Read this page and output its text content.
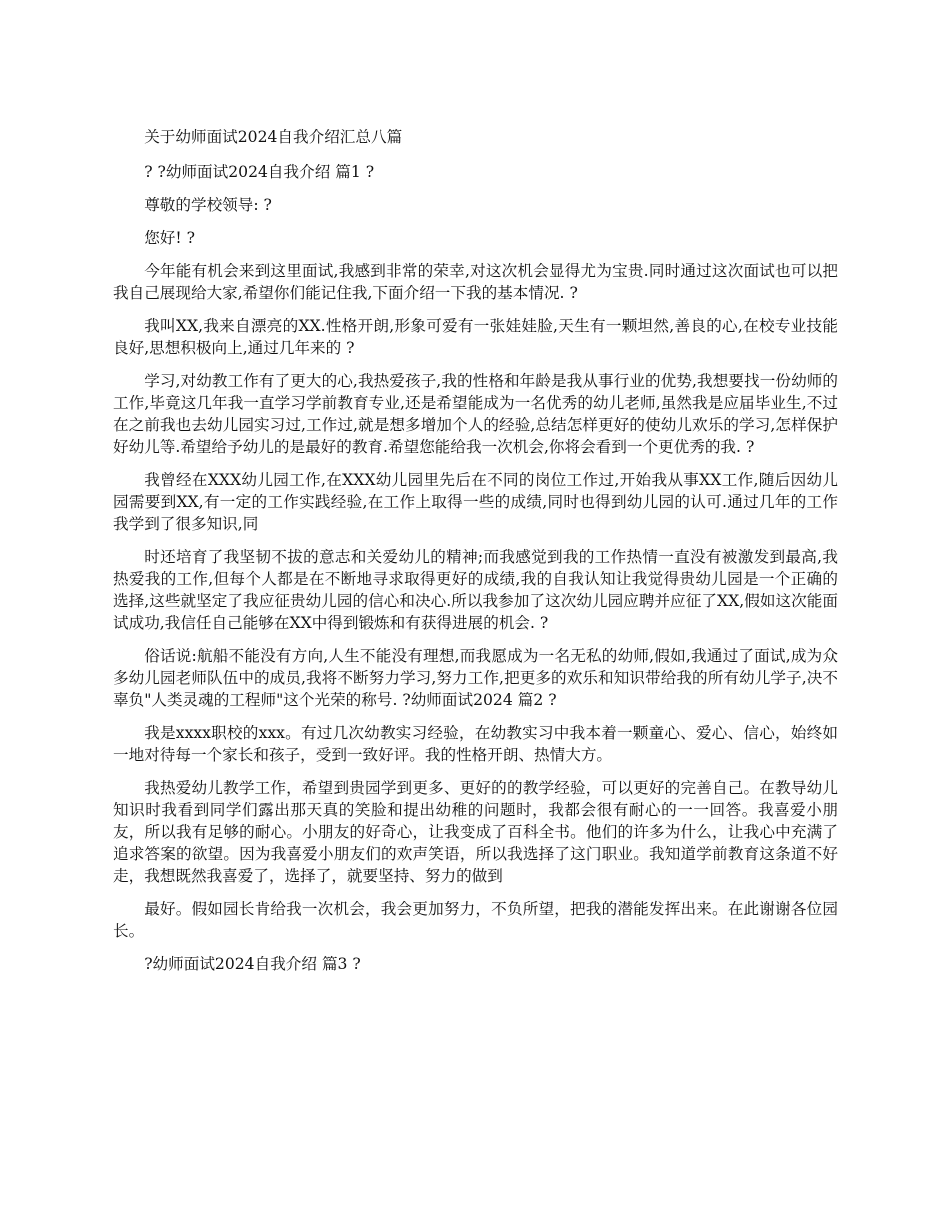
关于幼师面试2024自我介绍汇总八篇

? ?幼师面试2024自我介绍 篇1 ?

尊敬的学校领导: ?

您好! ?

今年能有机会来到这里面试,我感到非常的荣幸,对这次机会显得尤为宝贵.同时通过这次面试也可以把我自己展现给大家,希望你们能记住我,下面介绍一下我的基本情况. ?

我叫XX,我来自漂亮的XX.性格开朗,形象可爱有一张娃娃脸,天生有一颗坦然,善良的心,在校专业技能良好,思想积极向上,通过几年来的 ?

学习,对幼教工作有了更大的心,我热爱孩子,我的性格和年龄是我从事行业的优势,我想要找一份幼师的工作,毕竟这几年我一直学习学前教育专业,还是希望能成为一名优秀的幼儿老师,虽然我是应届毕业生,不过在之前我也去幼儿园实习过,工作过,就是想多增加个人的经验,总结怎样更好的使幼儿欢乐的学习,怎样保护好幼儿等.希望给予幼儿的是最好的教育.希望您能给我一次机会,你将会看到一个更优秀的我. ?

我曾经在XXX幼儿园工作,在XXX幼儿园里先后在不同的岗位工作过,开始我从事XX工作,随后因幼儿园需要到XX,有一定的工作实践经验,在工作上取得一些的成绩,同时也得到幼儿园的认可.通过几年的工作我学到了很多知识,同

时还培育了我坚韧不拔的意志和关爱幼儿的精神;而我感觉到我的工作热情一直没有被激发到最高,我热爱我的工作,但每个人都是在不断地寻求取得更好的成绩,我的自我认知让我觉得贵幼儿园是一个正确的选择,这些就坚定了我应征贵幼儿园的信心和决心.所以我参加了这次幼儿园应聘并应征了XX,假如这次能面试成功,我信任自己能够在XX中得到锻炼和有获得进展的机会. ?

俗话说:航船不能没有方向,人生不能没有理想,而我愿成为一名无私的幼师,假如,我通过了面试,成为众多幼儿园老师队伍中的成员,我将不断努力学习,努力工作,把更多的欢乐和知识带给我的所有幼儿学子,决不辜负"人类灵魂的工程师"这个光荣的称号. ?幼师面试2024 篇2 ?

我是xxxx职校的xxx。有过几次幼教实习经验，在幼教实习中我本着一颗童心、爱心、信心，始终如一地对待每一个家长和孩子，受到一致好评。我的性格开朗、热情大方。

我热爱幼儿教学工作，希望到贵园学到更多、更好的的教学经验，可以更好的完善自己。在教导幼儿知识时我看到同学们露出那天真的笑脸和提出幼稚的问题时，我都会很有耐心的一一回答。我喜爱小朋友，所以我有足够的耐心。小朋友的好奇心，让我变成了百科全书。他们的许多为什么，让我心中充满了追求答案的欲望。因为我喜爱小朋友们的欢声笑语，所以我选择了这门职业。我知道学前教育这条道不好走，我想既然我喜爱了，选择了，就要坚持、努力的做到

最好。假如园长肯给我一次机会，我会更加努力，不负所望，把我的潜能发挥出来。在此谢谢各位园长。

?幼师面试2024自我介绍 篇3 ?
